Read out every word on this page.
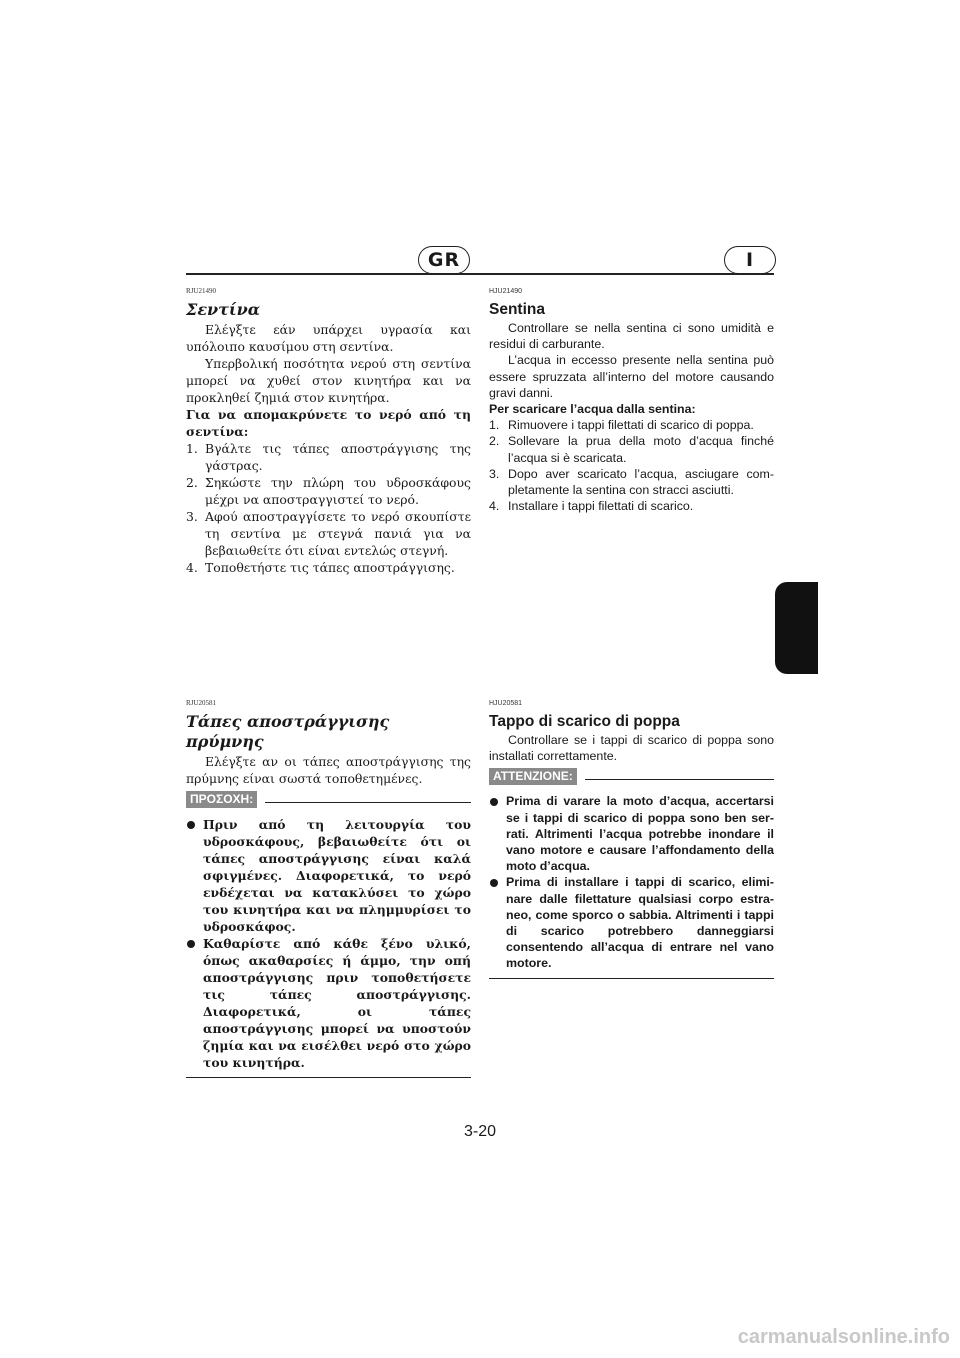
GR	I
RJU21490
Σεντίνα

Ελέγξτε εάν υπάρχει υγρασία και υπόλοιπο καυσίμου στη σεντίνα.

Υπερβολική ποσότητα νερού στη σεντίνα μπορεί να χυθεί στον κινητήρα και να προκληθεί ζημιά στον κινητήρα.

Για να απομακρύνετε το νερό από τη σεντίνα:

1. Βγάλτε τις τάπες αποστράγγισης της γάστρας.
2. Σηκώστε την πλώρη του υδροσκάφους μέχρι να αποστραγγιστεί το νερό.
3. Αφού αποστραγγίσετε το νερό σκουπίστε τη σεντίνα με στεγνά πανιά για να βεβαιωθείτε ότι είναι εντελώς στεγνή.
4. Τοποθετήστε τις τάπες αποστράγγισης.
HJU21490
Sentina

Controllare se nella sentina ci sono umidità e residui di carburante.

L’acqua in eccesso presente nella sentina può essere spruzzata all’interno del motore causando gravi danni.

Per scaricare l’acqua dalla sentina:

1. Rimuovere i tappi filettati di scarico di poppa.
2. Sollevare la prua della moto d’acqua finché l’acqua si è scaricata.
3. Dopo aver scaricato l’acqua, asciugare com-pletamente la sentina con stracci asciutti.
4. Installare i tappi filettati di scarico.
RJU20581
Τάπες αποστράγγισης πρύμνης

Ελέγξτε αν οι τάπες αποστράγγισης της πρύμνης είναι σωστά τοποθετημένες.

ΠΡΟΣΟΧΗ:
Πριν από τη λειτουργία του υδροσκάφους, βεβαιωθείτε ότι οι τάπες αποστράγγισης είναι καλά σφιγμένες. Διαφορετικά, το νερό ενδέχεται να κατακλύσει το χώρο του κινητήρα και να πλημμυρίσει το υδροσκάφος.
Καθαρίστε από κάθε ξένο υλικό, όπως ακαθαρσίες ή άμμο, την οπή αποστράγγισης πριν τοποθετήσετε τις τάπες αποστράγγισης. Διαφορετικά, οι τάπες αποστράγγισης μπορεί να υποστούν ζημία και να εισέλθει νερό στο χώρο του κινητήρα.
HJU20581
Tappo di scarico di poppa

Controllare se i tappi di scarico di poppa sono installati correttamente.

ATTENZIONE:
Prima di varare la moto d’acqua, accertarsi se i tappi di scarico di poppa sono ben ser-rati. Altrimenti l’acqua potrebbe inondare il vano motore e causare l’affondamento della moto d’acqua.
Prima di installare i tappi di scarico, elimi-nare dalle filettature qualsiasi corpo estra-neo, come sporco o sabbia. Altrimenti i tappi di scarico potrebbero danneggiarsi consentendo all’acqua di entrare nel vano motore.
3-20
carmanualsonline.info
